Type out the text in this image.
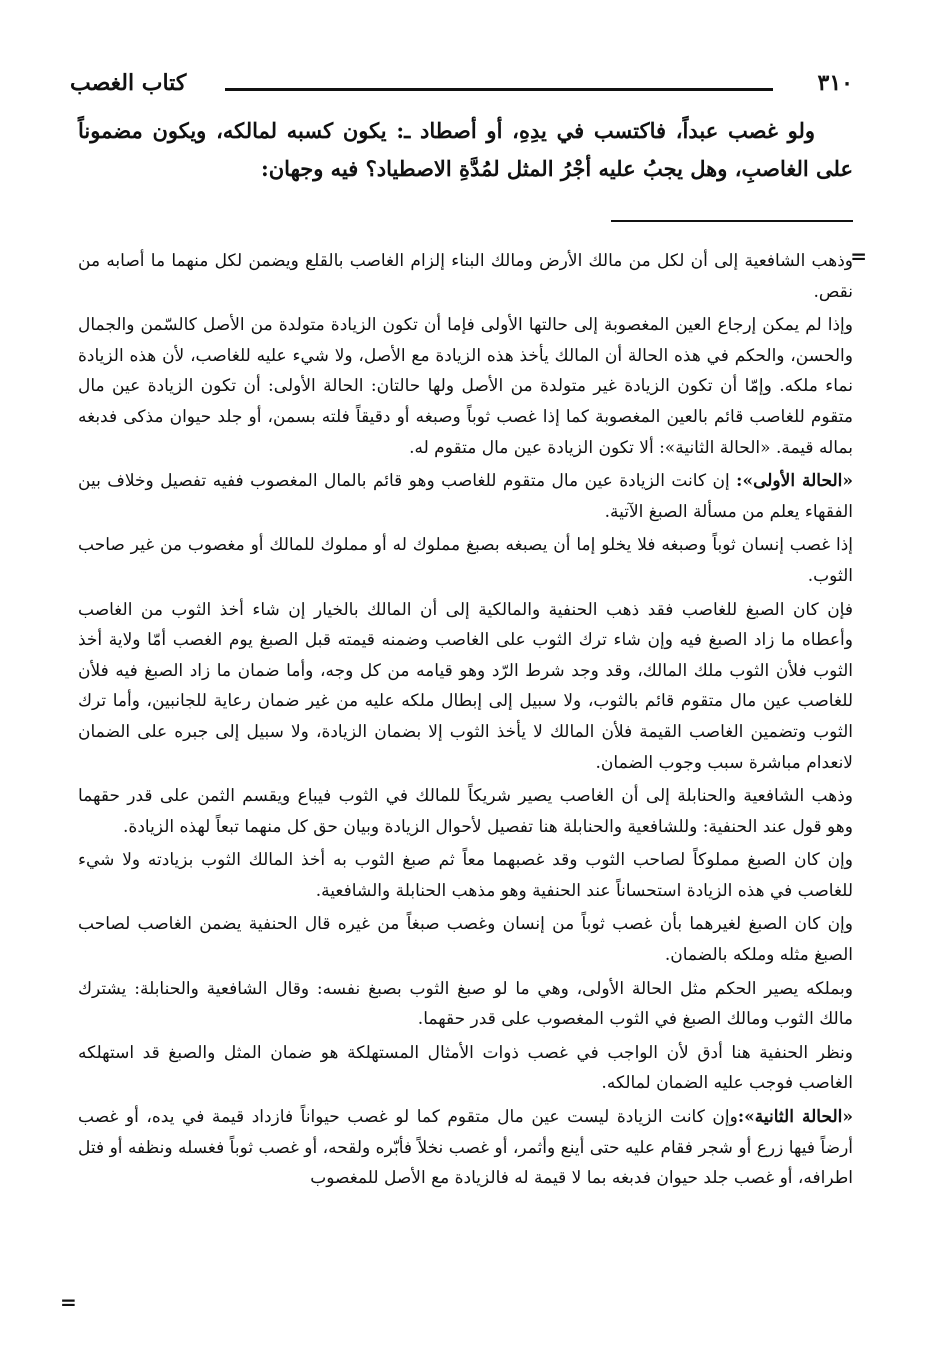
٣١٠
كتاب الغصب

ولو غصب عبداً، فاكتسب في يدِهِ، أو أصطاد ـ: يكون كسبه لمالكه، ويكون مضموناً على الغاصبِ، وهل يجبُ عليه أجْرُ المثل لمُدَّةِ الاصطياد؟ فيه وجهان:

=

وذهب الشافعية إلى أن لكل من مالك الأرض ومالك البناء إلزام الغاصب بالقلع ويضمن لكل منهما ما أصابه من نقص.

وإذا لم يمكن إرجاع العين المغصوبة إلى حالتها الأولى فإما أن تكون الزيادة متولدة من الأصل كالسّمن والجمال والحسن، والحكم في هذه الحالة أن المالك يأخذ هذه الزيادة مع الأصل، ولا شيء عليه للغاصب، لأن هذه الزيادة نماء ملكه. وإمّا أن تكون الزيادة غير متولدة من الأصل ولها حالتان: الحالة الأولى: أن تكون الزيادة عين مال متقوم للغاصب قائم بالعين المغصوبة كما إذا غصب ثوباً وصبغه أو دقيقاً فلته بسمن، أو جلد حيوان مذكى فدبغه بماله قيمة. «الحالة الثانية»: ألا تكون الزيادة عين مال متقوم له.

«الحالة الأولى»: إن كانت الزيادة عين مال متقوم للغاصب وهو قائم بالمال المغصوب ففيه تفصيل وخلاف بين الفقهاء يعلم من مسألة الصبغ الآتية.

إذا غصب إنسان ثوباً وصبغه فلا يخلو إما أن يصبغه بصبغ مملوك له أو مملوك للمالك أو مغصوب من غير صاحب الثوب.

فإن كان الصبغ للغاصب فقد ذهب الحنفية والمالكية إلى أن المالك بالخيار إن شاء أخذ الثوب من الغاصب وأعطاه ما زاد الصبغ فيه وإن شاء ترك الثوب على الغاصب وضمنه قيمته قبل الصبغ يوم الغصب أمّا ولاية أخذ الثوب فلأن الثوب ملك المالك، وقد وجد شرط الرّد وهو قيامه من كل وجه، وأما ضمان ما زاد الصبغ فيه فلأن للغاصب عين مال متقوم قائم بالثوب، ولا سبيل إلى إبطال ملكه عليه من غير ضمان رعاية للجانبين، وأما ترك الثوب وتضمين الغاصب القيمة فلأن المالك لا يأخذ الثوب إلا بضمان الزيادة، ولا سبيل إلى جبره على الضمان لانعدام مباشرة سبب وجوب الضمان.

وذهب الشافعية والحنابلة إلى أن الغاصب يصير شريكاً للمالك في الثوب فيباع ويقسم الثمن على قدر حقهما وهو قول عند الحنفية: وللشافعية والحنابلة هنا تفصيل لأحوال الزيادة وبيان حق كل منهما تبعاً لهذه الزيادة.

وإن كان الصبغ مملوكاً لصاحب الثوب وقد غصبهما معاً ثم صبغ الثوب به أخذ المالك الثوب بزيادته ولا شيء للغاصب في هذه الزيادة استحساناً عند الحنفية وهو مذهب الحنابلة والشافعية.

وإن كان الصبغ لغيرهما بأن غصب ثوباً من إنسان وغصب صبغاً من غيره قال الحنفية يضمن الغاصب لصاحب الصبغ مثله وملكه بالضمان.

وبملكه يصير الحكم مثل الحالة الأولى، وهي ما لو صبغ الثوب بصبغ نفسه: وقال الشافعية والحنابلة: يشترك مالك الثوب ومالك الصبغ في الثوب المغصوب على قدر حقهما.

ونظر الحنفية هنا أدق لأن الواجب في غصب ذوات الأمثال المستهلكة هو ضمان المثل والصبغ قد استهلكه الغاصب فوجب عليه الضمان لمالكه.

«الحالة الثانية»:وإن كانت الزيادة ليست عين مال متقوم كما لو غصب حيواناً فازداد قيمة في يده، أو غصب أرضاً فيها زرع أو شجر فقام عليه حتى أينع وأثمر، أو غصب نخلاً فأبّره ولقحه، أو غصب ثوباً فغسله ونظفه أو فتل اطرافه، أو غصب جلد حيوان فدبغه بما لا قيمة له فالزيادة مع الأصل للمغصوب

=
